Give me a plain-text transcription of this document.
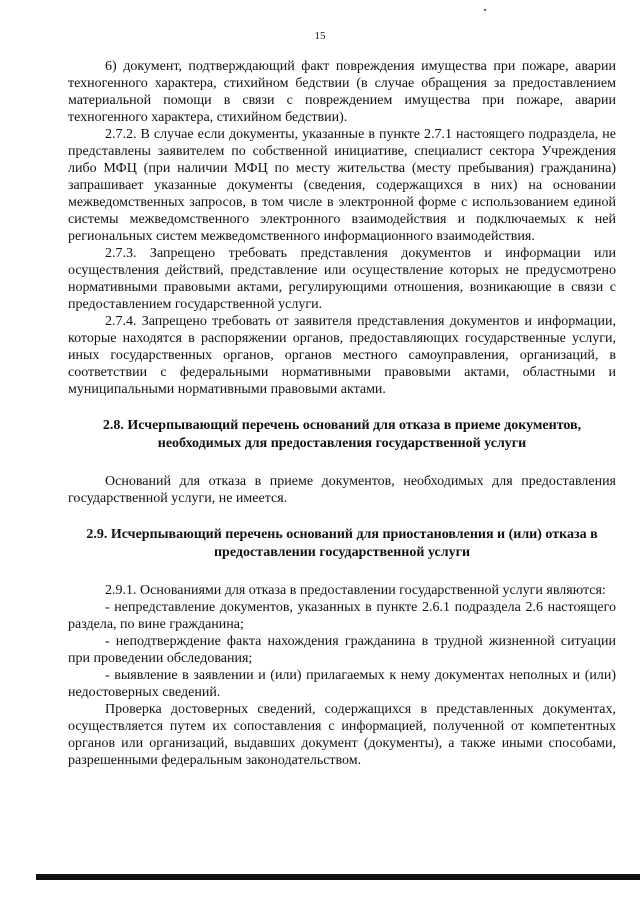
15

6) документ, подтверждающий факт повреждения имущества при пожаре, аварии техногенного характера, стихийном бедствии (в случае обращения за предоставлением материальной помощи в связи с повреждением имущества при пожаре, аварии техногенного характера, стихийном бедствии).

2.7.2. В случае если документы, указанные в пункте 2.7.1 настоящего подраздела, не представлены заявителем по собственной инициативе, специалист сектора Учреждения либо МФЦ (при наличии МФЦ по месту жительства (месту пребывания) гражданина) запрашивает указанные документы (сведения, содержащихся в них) на основании межведомственных запросов, в том числе в электронной форме с использованием единой системы межведомственного электронного взаимодействия и подключаемых к ней региональных систем межведомственного информационного взаимодействия.

2.7.3. Запрещено требовать представления документов и информации или осуществления действий, представление или осуществление которых не предусмотрено нормативными правовыми актами, регулирующими отношения, возникающие в связи с предоставлением государственной услуги.

2.7.4. Запрещено требовать от заявителя представления документов и информации, которые находятся в распоряжении органов, предоставляющих государственные услуги, иных государственных органов, органов местного самоуправления, организаций, в соответствии с федеральными нормативными правовыми актами, областными и муниципальными нормативными правовыми актами.

2.8. Исчерпывающий перечень оснований для отказа в приеме документов, необходимых для предоставления государственной услуги

Оснований для отказа в приеме документов, необходимых для предоставления государственной услуги, не имеется.

2.9. Исчерпывающий перечень оснований для приостановления и (или) отказа в предоставлении государственной услуги

2.9.1. Основаниями для отказа в предоставлении государственной услуги являются:

- непредставление документов, указанных в пункте 2.6.1 подраздела 2.6 настоящего раздела, по вине гражданина;

- неподтверждение факта нахождения гражданина в трудной жизненной ситуации при проведении обследования;

- выявление в заявлении и (или) прилагаемых к нему документах неполных и (или) недостоверных сведений.

Проверка достоверных сведений, содержащихся в представленных документах, осуществляется путем их сопоставления с информацией, полученной от компетентных органов или организаций, выдавших документ (документы), а также иными способами, разрешенными федеральным законодательством.
